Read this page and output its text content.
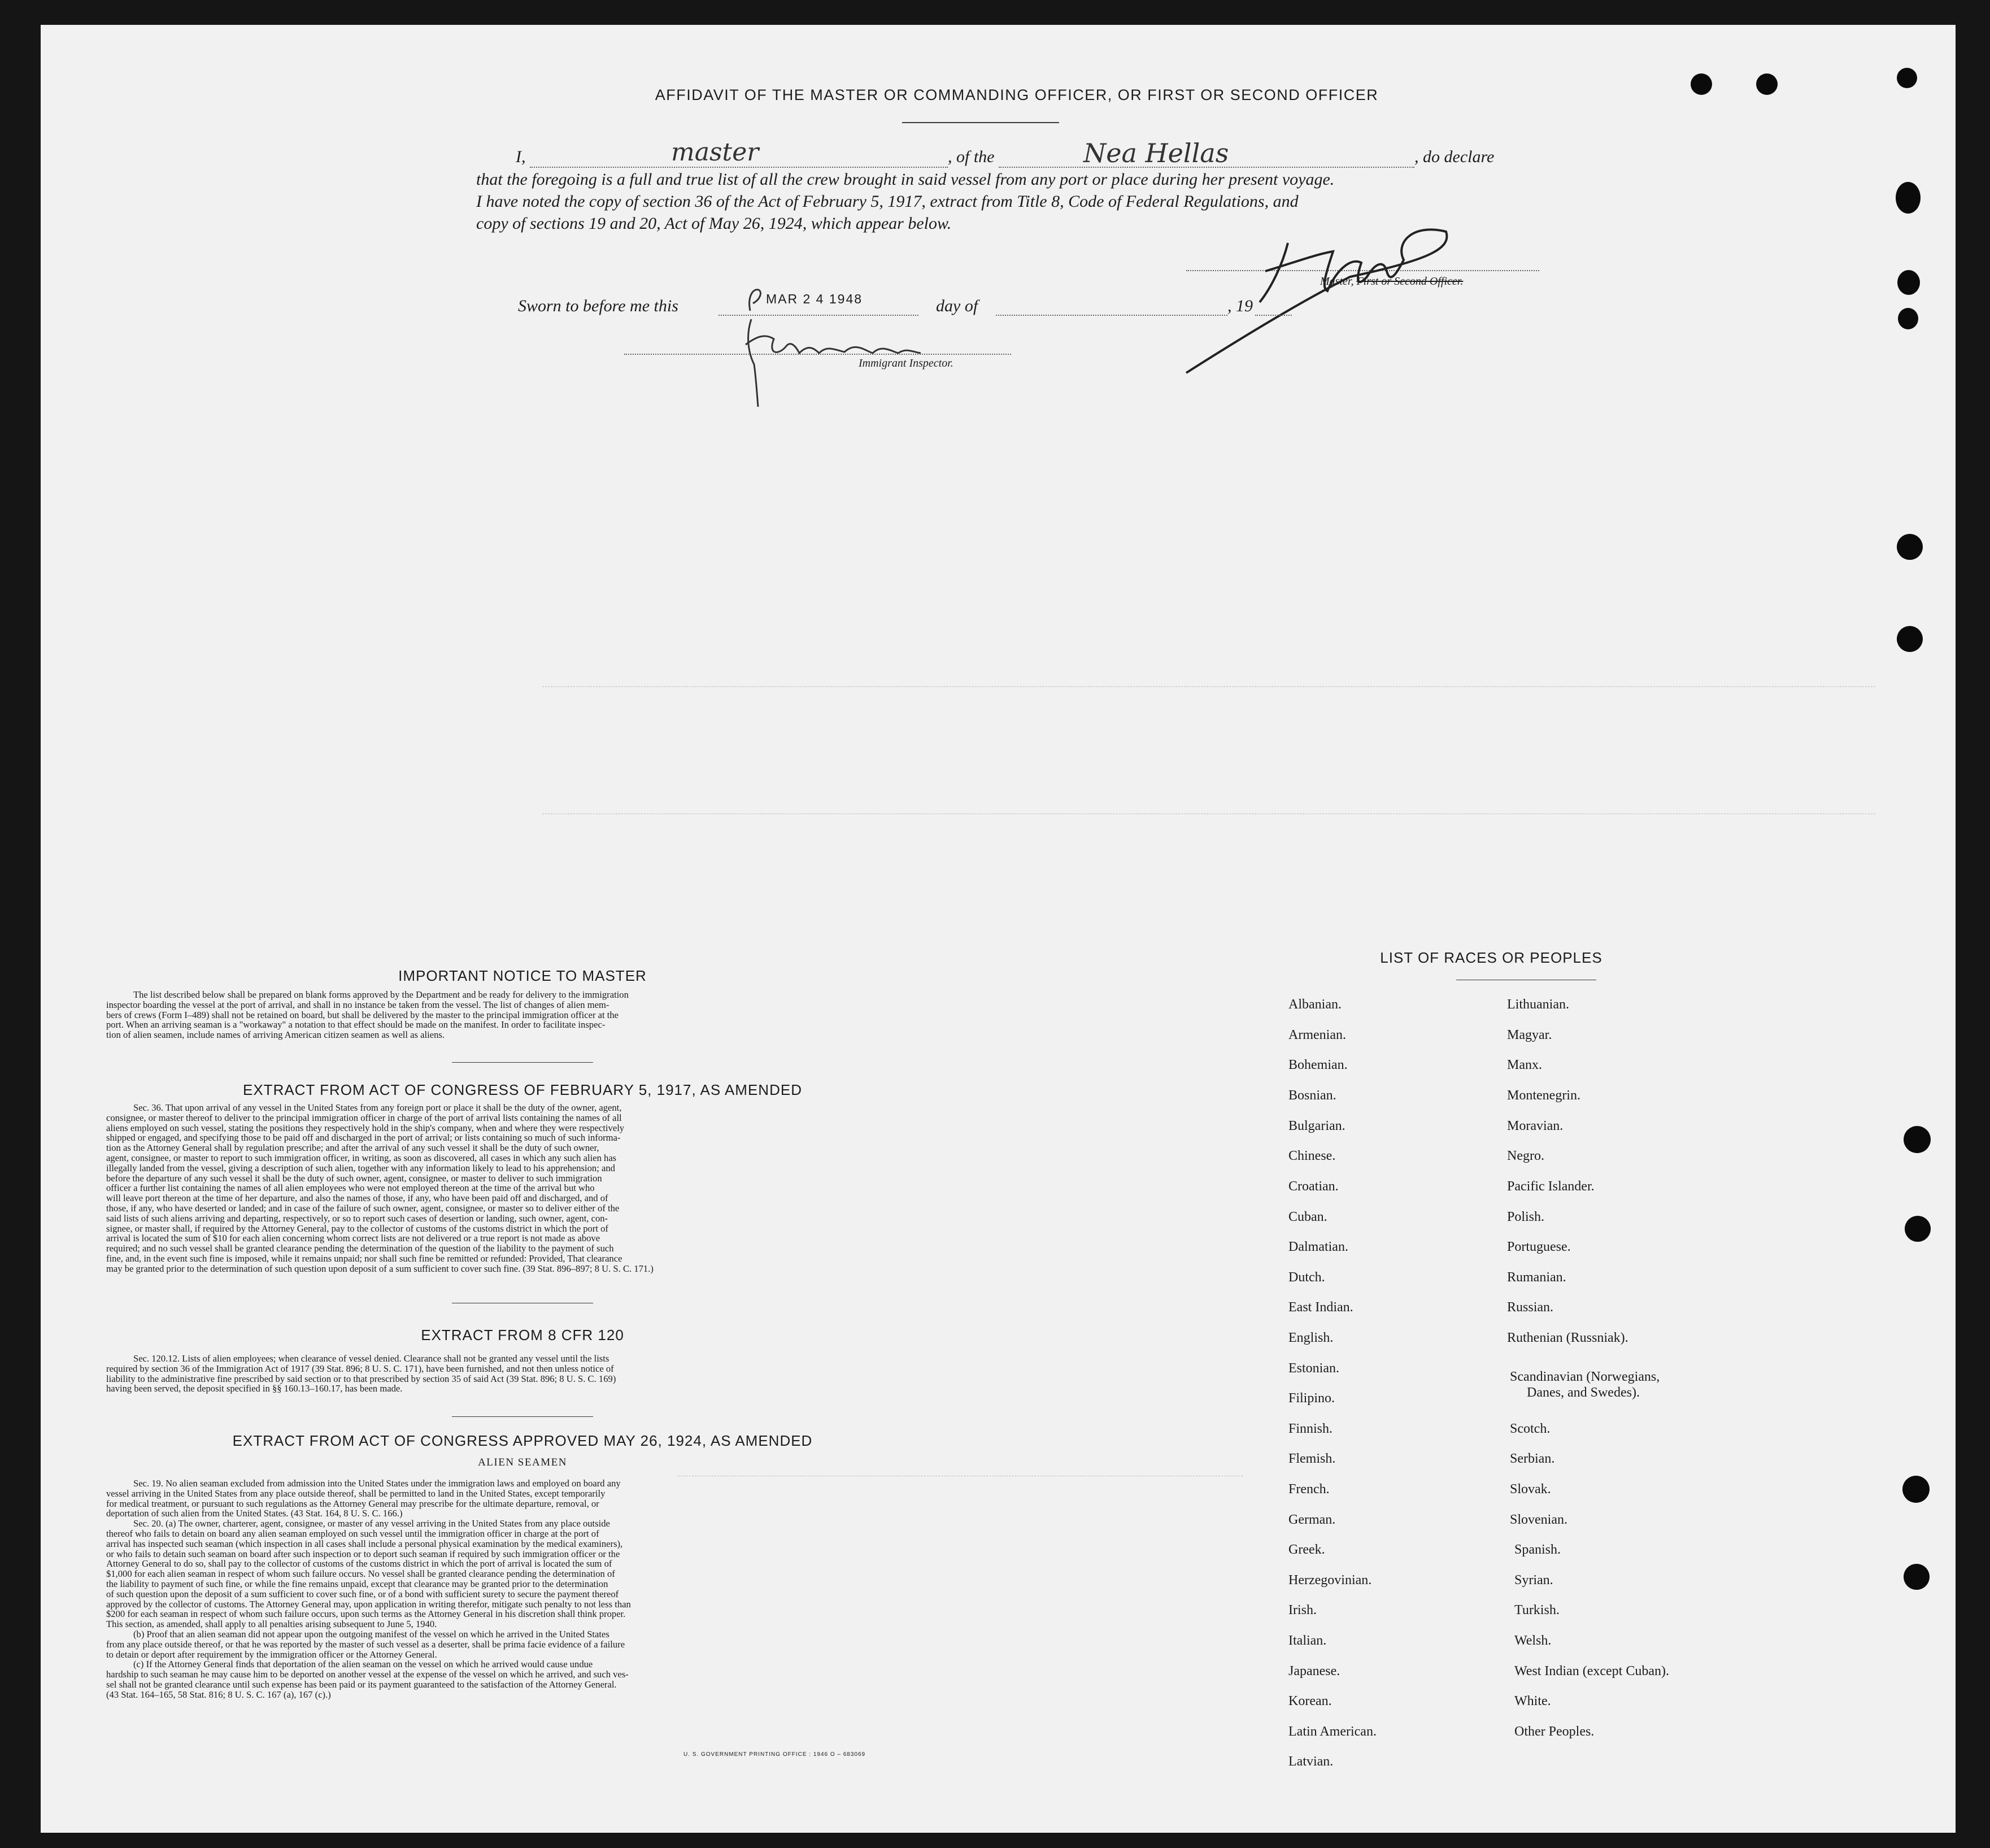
AFFIDAVIT OF THE MASTER OR COMMANDING OFFICER, OR FIRST OR SECOND OFFICER
I,	master	, of the	Nea Hellas	, do declare
that the foregoing is a full and true list of all the crew brought in said vessel from any port or place during her present voyage.
I have noted the copy of section 36 of the Act of February 5, 1917, extract from Title 8, Code of Federal Regulations, and
copy of sections 19 and 20, Act of May 26, 1924, which appear below.
Master, First or Second Officer.
Sworn to before me this	MAR 2 4 1948	day of	, 19
Immigrant Inspector.
IMPORTANT NOTICE TO MASTER
The list described below shall be prepared on blank forms approved by the Department and be ready for delivery to the immigration
inspector boarding the vessel at the port of arrival, and shall in no instance be taken from the vessel. The list of changes of alien mem-
bers of crews (Form I–489) shall not be retained on board, but shall be delivered by the master to the principal immigration officer at the
port. When an arriving seaman is a "workaway" a notation to that effect should be made on the manifest. In order to facilitate inspec-
tion of alien seamen, include names of arriving American citizen seamen as well as aliens.
EXTRACT FROM ACT OF CONGRESS OF FEBRUARY 5, 1917, AS AMENDED
Sec. 36. That upon arrival of any vessel in the United States from any foreign port or place it shall be the duty of the owner, agent,
consignee, or master thereof to deliver to the principal immigration officer in charge of the port of arrival lists containing the names of all
aliens employed on such vessel, stating the positions they respectively hold in the ship's company, when and where they were respectively
shipped or engaged, and specifying those to be paid off and discharged in the port of arrival; or lists containing so much of such informa-
tion as the Attorney General shall by regulation prescribe; and after the arrival of any such vessel it shall be the duty of such owner,
agent, consignee, or master to report to such immigration officer, in writing, as soon as discovered, all cases in which any such alien has
illegally landed from the vessel, giving a description of such alien, together with any information likely to lead to his apprehension; and
before the departure of any such vessel it shall be the duty of such owner, agent, consignee, or master to deliver to such immigration
officer a further list containing the names of all alien employees who were not employed thereon at the time of the arrival but who
will leave port thereon at the time of her departure, and also the names of those, if any, who have been paid off and discharged, and of
those, if any, who have deserted or landed; and in case of the failure of such owner, agent, consignee, or master so to deliver either of the
said lists of such aliens arriving and departing, respectively, or so to report such cases of desertion or landing, such owner, agent, con-
signee, or master shall, if required by the Attorney General, pay to the collector of customs of the customs district in which the port of
arrival is located the sum of $10 for each alien concerning whom correct lists are not delivered or a true report is not made as above
required; and no such vessel shall be granted clearance pending the determination of the question of the liability to the payment of such
fine, and, in the event such fine is imposed, while it remains unpaid; nor shall such fine be remitted or refunded: Provided, That clearance
may be granted prior to the determination of such question upon deposit of a sum sufficient to cover such fine. (39 Stat. 896–897; 8 U. S. C. 171.)
EXTRACT FROM 8 CFR 120
Sec. 120.12. Lists of alien employees; when clearance of vessel denied. Clearance shall not be granted any vessel until the lists
required by section 36 of the Immigration Act of 1917 (39 Stat. 896; 8 U. S. C. 171), have been furnished, and not then unless notice of
liability to the administrative fine prescribed by said section or to that prescribed by section 35 of said Act (39 Stat. 896; 8 U. S. C. 169)
having been served, the deposit specified in §§ 160.13–160.17, has been made.
EXTRACT FROM ACT OF CONGRESS APPROVED MAY 26, 1924, AS AMENDED
ALIEN SEAMEN
Sec. 19. No alien seaman excluded from admission into the United States under the immigration laws and employed on board any
vessel arriving in the United States from any place outside thereof, shall be permitted to land in the United States, except temporarily
for medical treatment, or pursuant to such regulations as the Attorney General may prescribe for the ultimate departure, removal, or
deportation of such alien from the United States. (43 Stat. 164, 8 U. S. C. 166.)
Sec. 20. (a) The owner, charterer, agent, consignee, or master of any vessel arriving in the United States from any place outside
thereof who fails to detain on board any alien seaman employed on such vessel until the immigration officer in charge at the port of
arrival has inspected such seaman (which inspection in all cases shall include a personal physical examination by the medical examiners),
or who fails to detain such seaman on board after such inspection or to deport such seaman if required by such immigration officer or the
Attorney General to do so, shall pay to the collector of customs of the customs district in which the port of arrival is located the sum of
$1,000 for each alien seaman in respect of whom such failure occurs. No vessel shall be granted clearance pending the determination of
the liability to payment of such fine, or while the fine remains unpaid, except that clearance may be granted prior to the determination
of such question upon the deposit of a sum sufficient to cover such fine, or of a bond with sufficient surety to secure the payment thereof
approved by the collector of customs. The Attorney General may, upon application in writing therefor, mitigate such penalty to not less than
$200 for each seaman in respect of whom such failure occurs, upon such terms as the Attorney General in his discretion shall think proper.
This section, as amended, shall apply to all penalties arising subsequent to June 5, 1940.
(b) Proof that an alien seaman did not appear upon the outgoing manifest of the vessel on which he arrived in the United States
from any place outside thereof, or that he was reported by the master of such vessel as a deserter, shall be prima facie evidence of a failure
to detain or deport after requirement by the immigration officer or the Attorney General.
(c) If the Attorney General finds that deportation of the alien seaman on the vessel on which he arrived would cause undue
hardship to such seaman he may cause him to be deported on another vessel at the expense of the vessel on which he arrived, and such ves-
sel shall not be granted clearance until such expense has been paid or its payment guaranteed to the satisfaction of the Attorney General.
(43 Stat. 164–165, 58 Stat. 816; 8 U. S. C. 167 (a), 167 (c).)
U. S. GOVERNMENT PRINTING OFFICE : 1946 O – 683069
LIST OF RACES OR PEOPLES
Albanian.
Armenian.
Bohemian.
Bosnian.
Bulgarian.
Chinese.
Croatian.
Cuban.
Dalmatian.
Dutch.
East Indian.
English.
Estonian.
Filipino.
Finnish.
Flemish.
French.
German.
Greek.
Herzegovinian.
Irish.
Italian.
Japanese.
Korean.
Latin American.
Latvian.
Lithuanian.
Magyar.
Manx.
Montenegrin.
Moravian.
Negro.
Pacific Islander.
Polish.
Portuguese.
Rumanian.
Russian.
Ruthenian (Russniak).
Scandinavian (Norwegians,
Danes, and Swedes).
Scotch.
Serbian.
Slovak.
Slovenian.
Spanish.
Syrian.
Turkish.
Welsh.
West Indian (except Cuban).
White.
Other Peoples.
